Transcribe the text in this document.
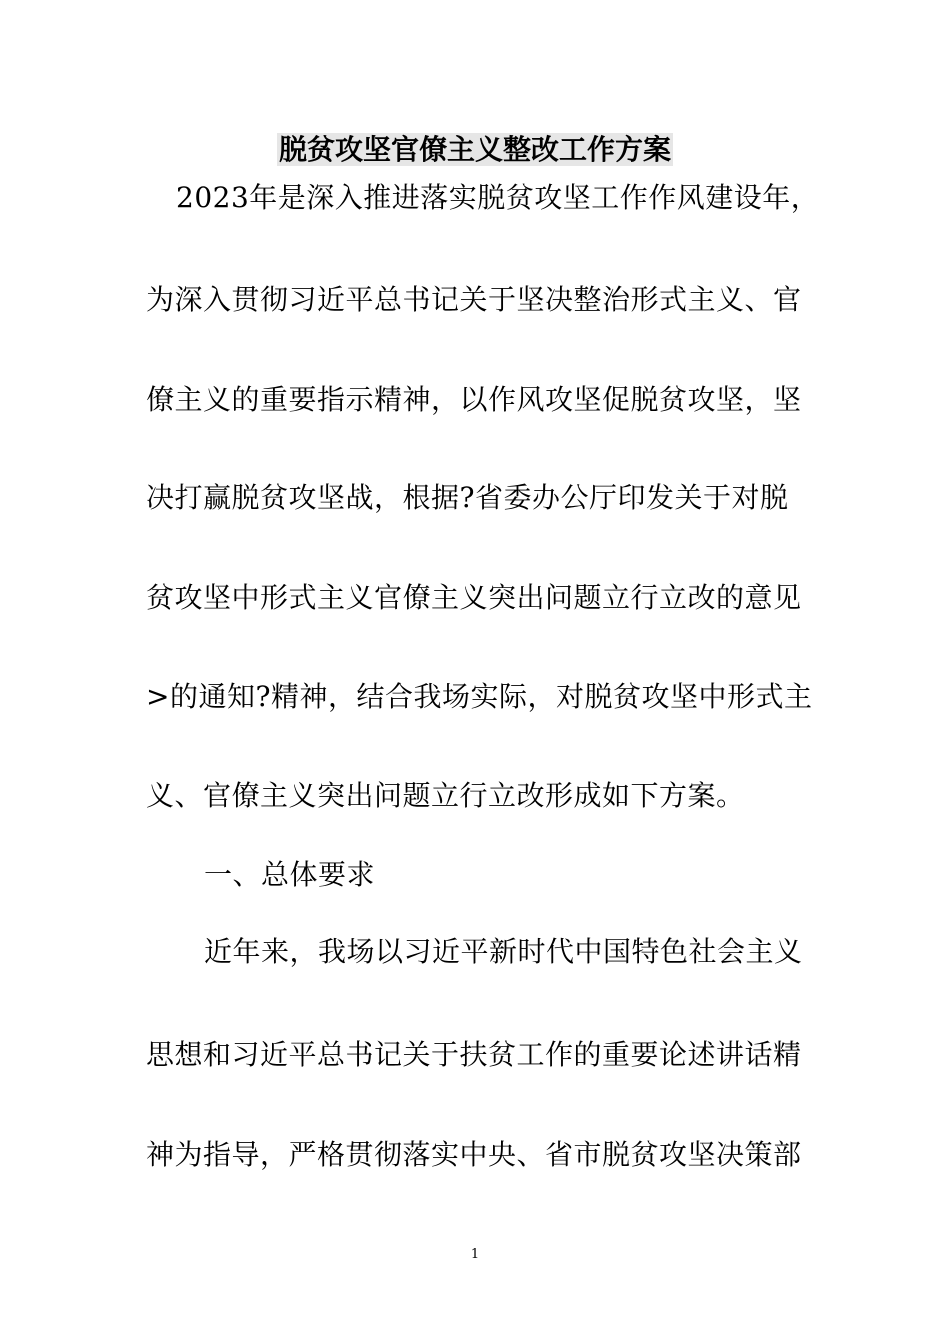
脱贫攻坚官僚主义整改工作方案
2023年是深入推进落实脱贫攻坚工作作风建设年，
为深入贯彻习近平总书记关于坚决整治形式主义、官
僚主义的重要指示精神，以作风攻坚促脱贫攻坚，坚
决打赢脱贫攻坚战，根据?省委办公厅印发关于对脱
贫攻坚中形式主义官僚主义突出问题立行立改的意见
>的通知?精神，结合我场实际，对脱贫攻坚中形式主
义、官僚主义突出问题立行立改形成如下方案。
一、总体要求
近年来，我场以习近平新时代中国特色社会主义
思想和习近平总书记关于扶贫工作的重要论述讲话精
神为指导，严格贯彻落实中央、省市脱贫攻坚决策部
1
